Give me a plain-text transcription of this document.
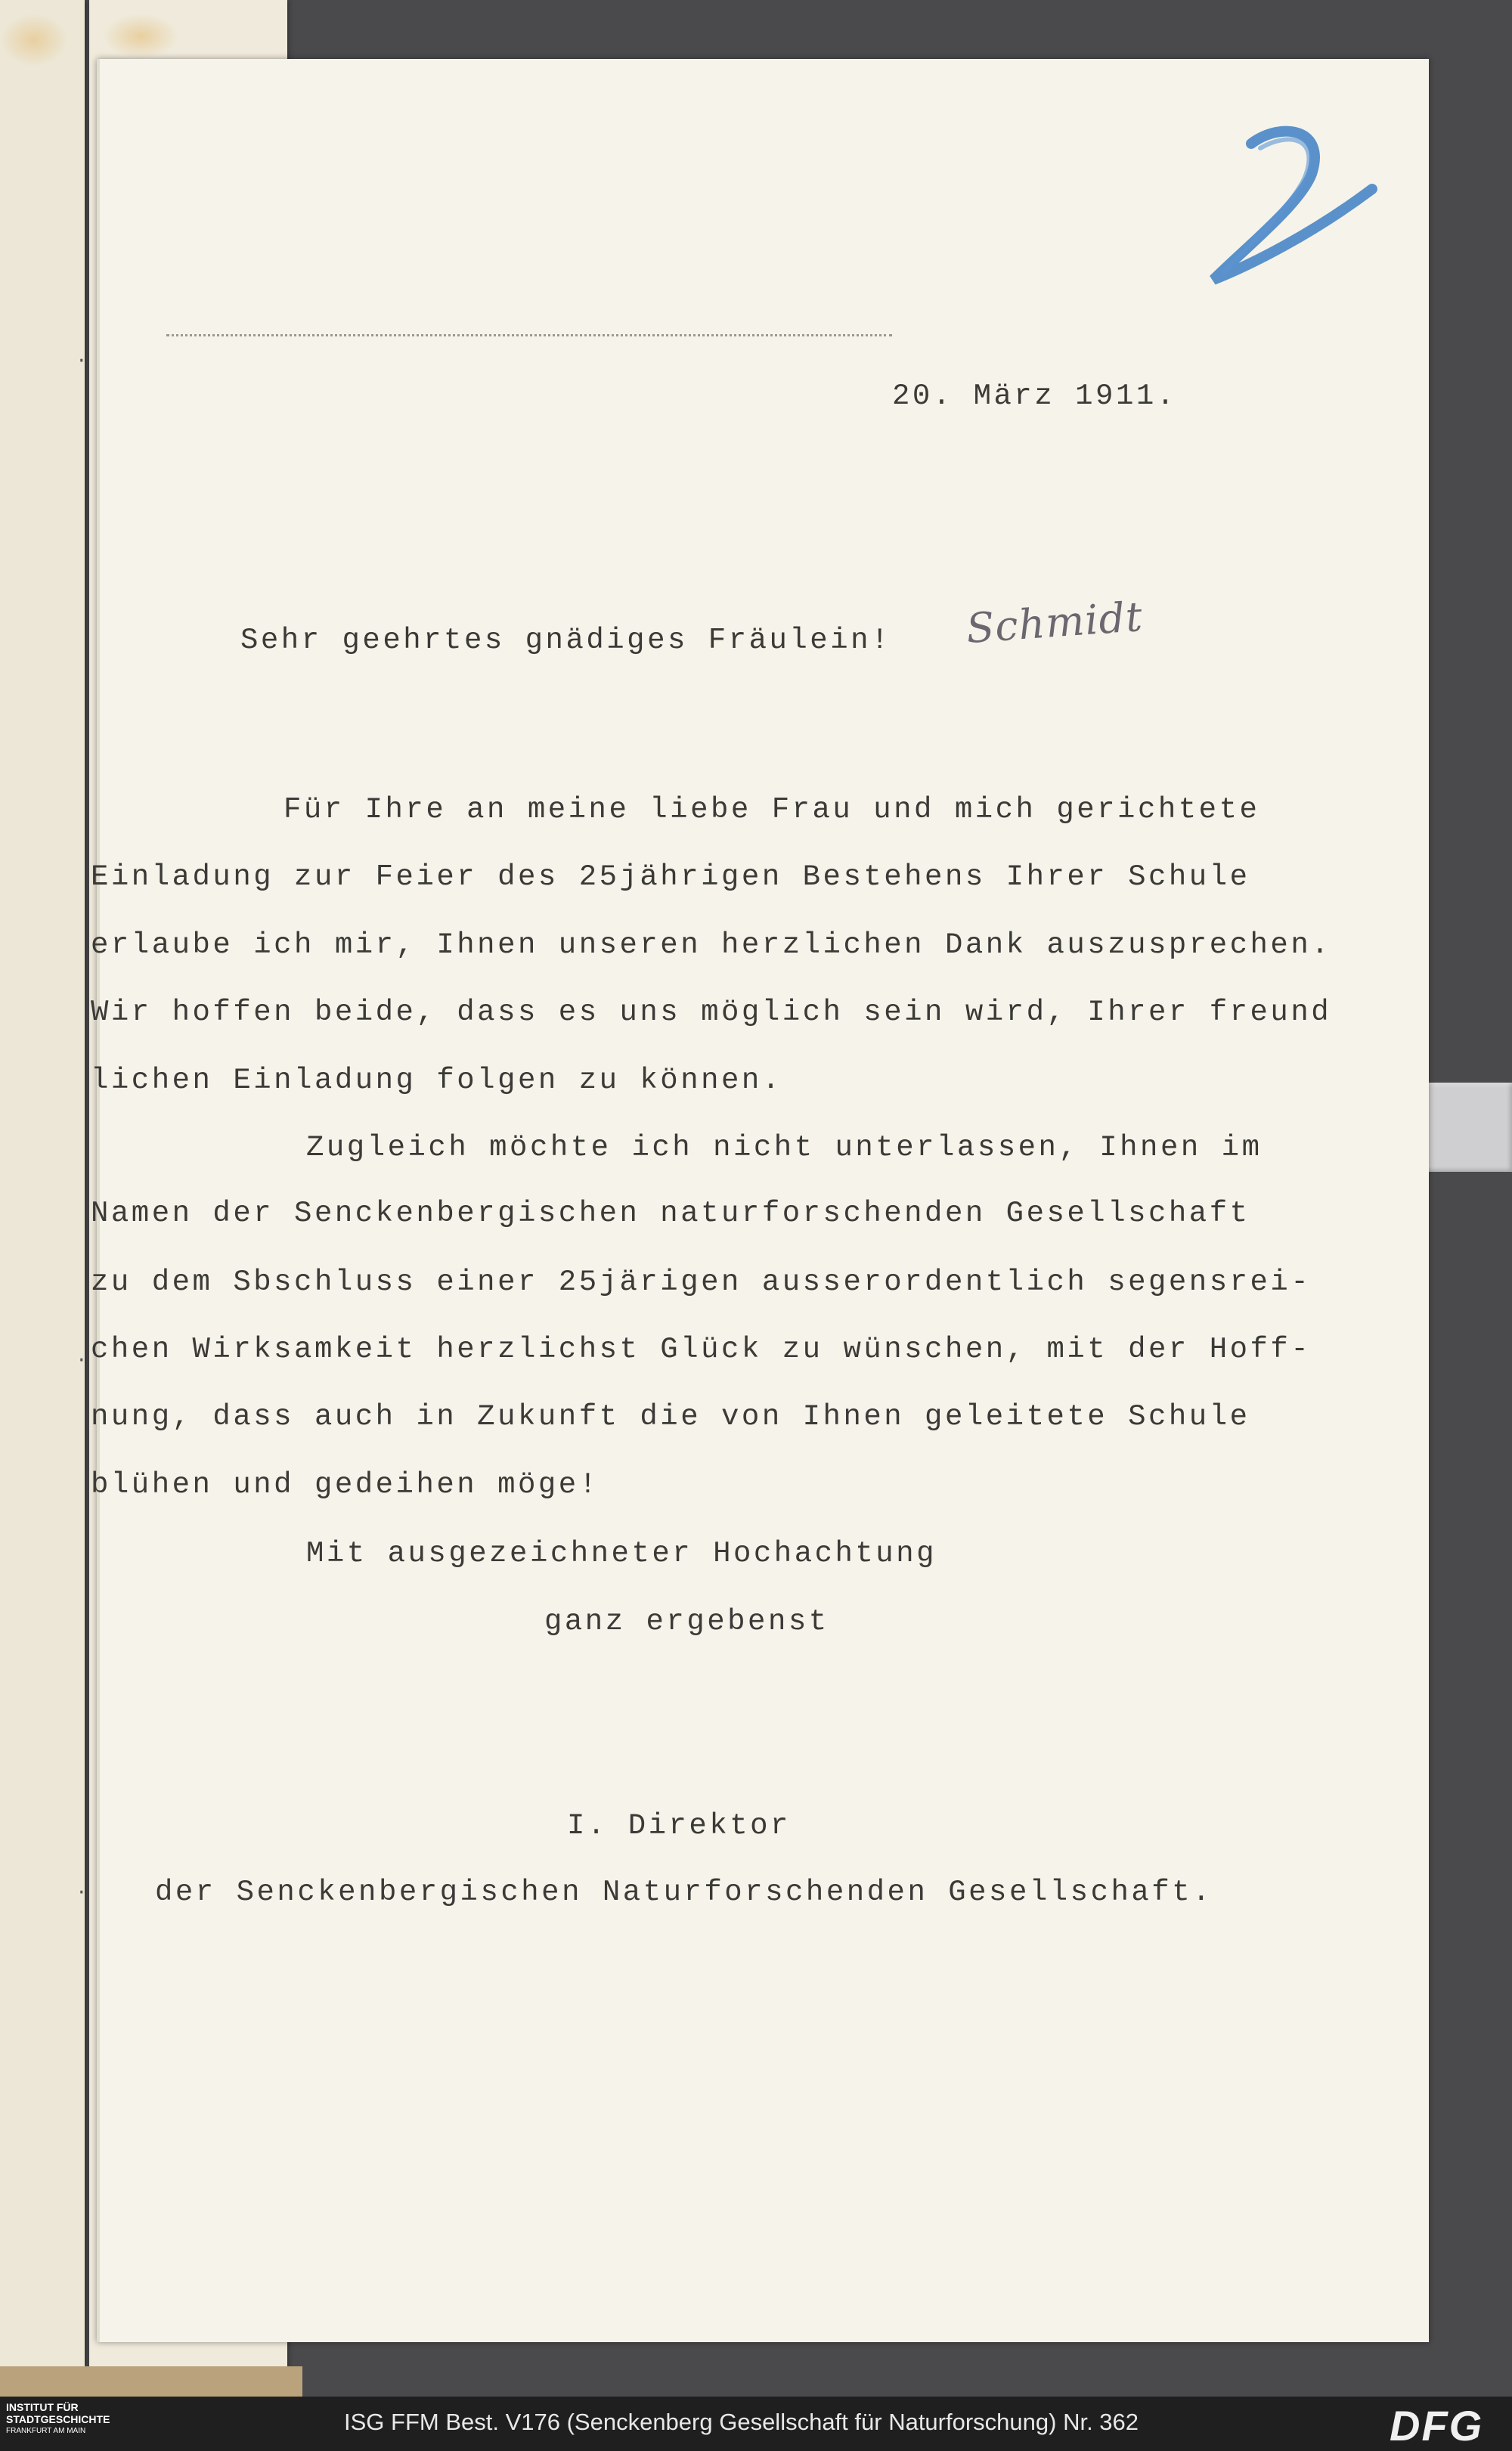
2
20. März 1911.
Sehr geehrtes gnädiges Fräulein! Schmidt
Für Ihre an meine liebe Frau und mich gerichtete
Einladung zur Feier des 25jährigen Bestehens Ihrer Schule
erlaube ich mir, Ihnen unseren herzlichen Dank auszusprechen.
Wir hoffen beide, dass es uns möglich sein wird, Ihrer freund
lichen Einladung folgen zu können.
Zugleich möchte ich nicht unterlassen, Ihnen im
Namen der Senckenbergischen naturforschenden Gesellschaft
zu dem Sbschluss einer 25järigen ausserordentlich segensrei-
chen Wirksamkeit herzlichst Glück zu wünschen, mit der Hoff-
nung, dass auch in Zukunft die von Ihnen geleitete Schule
blühen und gedeihen möge!
Mit ausgezeichneter Hochachtung
ganz ergebenst
I. Direktor
der Senckenbergischen Naturforschenden Gesellschaft.
·
·
·
INSTITUT FÜR
STADTGESCHICHTE
FRANKFURT AM MAIN	ISG FFM Best. V176 (Senckenberg Gesellschaft für Naturforschung) Nr. 362	DFG
